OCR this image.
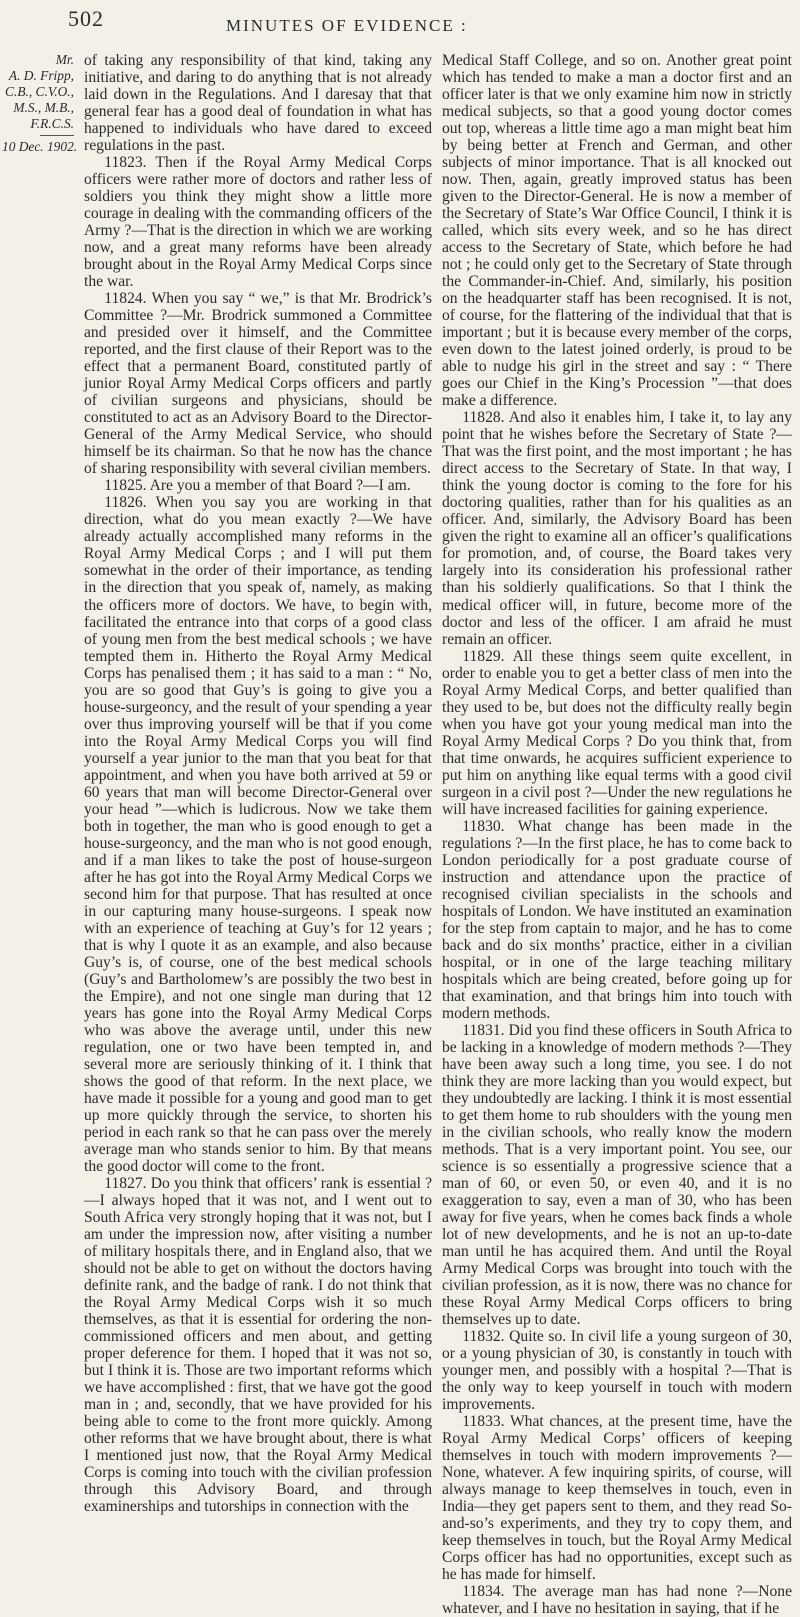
502	MINUTES OF EVIDENCE :
Mr.
A. D. Fripp,
C.B., C.V.O.,
M.S., M.B.,
F.R.C.S.
10 Dec. 1902.

of taking any responsibility of that kind, taking any initiative, and daring to do anything that is not already laid down in the Regulations. And I daresay that that general fear has a good deal of foundation in what has happened to individuals who have dared to exceed regulations in the past.

11823. Then if the Royal Army Medical Corps officers were rather more of doctors and rather less of soldiers you think they might show a little more courage in dealing with the commanding officers of the Army ?—That is the direction in which we are working now, and a great many reforms have been already brought about in the Royal Army Medical Corps since the war.

11824. When you say “ we,” is that Mr. Brodrick’s Committee ?—Mr. Brodrick summoned a Committee and presided over it himself, and the Committee reported, and the first clause of their Report was to the effect that a permanent Board, constituted partly of junior Royal Army Medical Corps officers and partly of civilian surgeons and physicians, should be constituted to act as an Advisory Board to the Director-General of the Army Medical Service, who should himself be its chairman. So that he now has the chance of sharing responsibility with several civilian members.

11825. Are you a member of that Board ?—I am.

11826. When you say you are working in that direction, what do you mean exactly ?—We have already actually accomplished many reforms in the Royal Army Medical Corps ; and I will put them somewhat in the order of their importance, as tending in the direction that you speak of, namely, as making the officers more of doctors. We have, to begin with, facilitated the entrance into that corps of a good class of young men from the best medical schools ; we have tempted them in. Hitherto the Royal Army Medical Corps has penalised them ; it has said to a man : “ No, you are so good that Guy’s is going to give you a house-surgeoncy, and the result of your spending a year over thus improving yourself will be that if you come into the Royal Army Medical Corps you will find yourself a year junior to the man that you beat for that appointment, and when you have both arrived at 59 or 60 years that man will become Director-General over your head ”—which is ludicrous. Now we take them both in together, the man who is good enough to get a house-surgeoncy, and the man who is not good enough, and if a man likes to take the post of house-surgeon after he has got into the Royal Army Medical Corps we second him for that purpose. That has resulted at once in our capturing many house-surgeons. I speak now with an experience of teaching at Guy’s for 12 years ; that is why I quote it as an example, and also because Guy’s is, of course, one of the best medical schools (Guy’s and Bartholomew’s are possibly the two best in the Empire), and not one single man during that 12 years has gone into the Royal Army Medical Corps who was above the average until, under this new regulation, one or two have been tempted in, and several more are seriously thinking of it. I think that shows the good of that reform. In the next place, we have made it possible for a young and good man to get up more quickly through the service, to shorten his period in each rank so that he can pass over the merely average man who stands senior to him. By that means the good doctor will come to the front.

11827. Do you think that officers’ rank is essential ?—I always hoped that it was not, and I went out to South Africa very strongly hoping that it was not, but I am under the impression now, after visiting a number of military hospitals there, and in England also, that we should not be able to get on without the doctors having definite rank, and the badge of rank. I do not think that the Royal Army Medical Corps wish it so much themselves, as that it is essential for ordering the non-commissioned officers and men about, and getting proper deference for them. I hoped that it was not so, but I think it is. Those are two important reforms which we have accomplished : first, that we have got the good man in ; and, secondly, that we have provided for his being able to come to the front more quickly. Among other reforms that we have brought about, there is what I mentioned just now, that the Royal Army Medical Corps is coming into touch with the civilian profession through this Advisory Board, and through examinerships and tutorships in connection with the

Medical Staff College, and so on. Another great point which has tended to make a man a doctor first and an officer later is that we only examine him now in strictly medical subjects, so that a good young doctor comes out top, whereas a little time ago a man might beat him by being better at French and German, and other subjects of minor importance. That is all knocked out now. Then, again, greatly improved status has been given to the Director-General. He is now a member of the Secretary of State’s War Office Council, I think it is called, which sits every week, and so he has direct access to the Secretary of State, which before he had not ; he could only get to the Secretary of State through the Commander-in-Chief. And, similarly, his position on the headquarter staff has been recognised. It is not, of course, for the flattering of the individual that that is important ; but it is because every member of the corps, even down to the latest joined orderly, is proud to be able to nudge his girl in the street and say : “ There goes our Chief in the King’s Procession ”—that does make a difference.

11828. And also it enables him, I take it, to lay any point that he wishes before the Secretary of State ?—That was the first point, and the most important ; he has direct access to the Secretary of State. In that way, I think the young doctor is coming to the fore for his doctoring qualities, rather than for his qualities as an officer. And, similarly, the Advisory Board has been given the right to examine all an officer’s qualifications for promotion, and, of course, the Board takes very largely into its consideration his professional rather than his soldierly qualifications. So that I think the medical officer will, in future, become more of the doctor and less of the officer. I am afraid he must remain an officer.

11829. All these things seem quite excellent, in order to enable you to get a better class of men into the Royal Army Medical Corps, and better qualified than they used to be, but does not the difficulty really begin when you have got your young medical man into the Royal Army Medical Corps ? Do you think that, from that time onwards, he acquires sufficient experience to put him on anything like equal terms with a good civil surgeon in a civil post ?—Under the new regulations he will have increased facilities for gaining experience.

11830. What change has been made in the regulations ?—In the first place, he has to come back to London periodically for a post graduate course of instruction and attendance upon the practice of recognised civilian specialists in the schools and hospitals of London. We have instituted an examination for the step from captain to major, and he has to come back and do six months’ practice, either in a civilian hospital, or in one of the large teaching military hospitals which are being created, before going up for that examination, and that brings him into touch with modern methods.

11831. Did you find these officers in South Africa to be lacking in a knowledge of modern methods ?—They have been away such a long time, you see. I do not think they are more lacking than you would expect, but they undoubtedly are lacking. I think it is most essential to get them home to rub shoulders with the young men in the civilian schools, who really know the modern methods. That is a very important point. You see, our science is so essentially a progressive science that a man of 60, or even 50, or even 40, and it is no exaggeration to say, even a man of 30, who has been away for five years, when he comes back finds a whole lot of new developments, and he is not an up-to-date man until he has acquired them. And until the Royal Army Medical Corps was brought into touch with the civilian profession, as it is now, there was no chance for these Royal Army Medical Corps officers to bring themselves up to date.

11832. Quite so. In civil life a young surgeon of 30, or a young physician of 30, is constantly in touch with younger men, and possibly with a hospital ?—That is the only way to keep yourself in touch with modern improvements.

11833. What chances, at the present time, have the Royal Army Medical Corps’ officers of keeping themselves in touch with modern improvements ?—None, whatever. A few inquiring spirits, of course, will always manage to keep themselves in touch, even in India—they get papers sent to them, and they read So-and-so’s experiments, and they try to copy them, and keep themselves in touch, but the Royal Army Medical Corps officer has had no opportunities, except such as he has made for himself.

11834. The average man has had none ?—None whatever, and I have no hesitation in saying, that if he
